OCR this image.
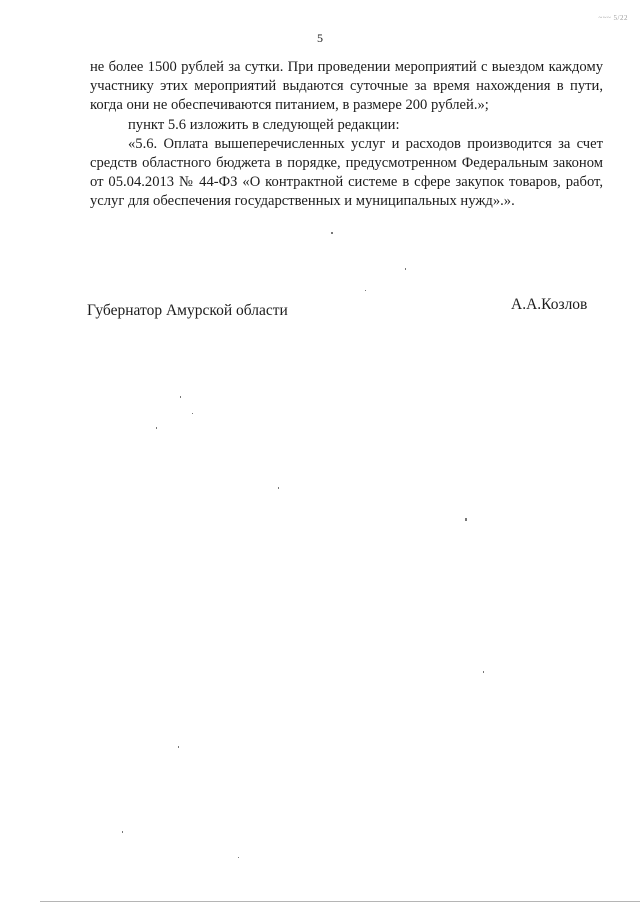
~~~ 5/22
5

не более 1500 рублей за сутки. При проведении мероприятий с выездом каждому участнику этих мероприятий выдаются суточные за время нахождения в пути, когда они не обеспечиваются питанием, в размере 200 рублей.»;

пункт 5.6 изложить в следующей редакции:

«5.6. Оплата вышеперечисленных услуг и расходов производится за счет средств областного бюджета в порядке, предусмотренном Федеральным законом от 05.04.2013 № 44-ФЗ «О контрактной системе в сфере закупок товаров, работ, услуг для обеспечения государственных и муниципальных нужд».».

Губернатор Амурской области	А.А.Козлов
